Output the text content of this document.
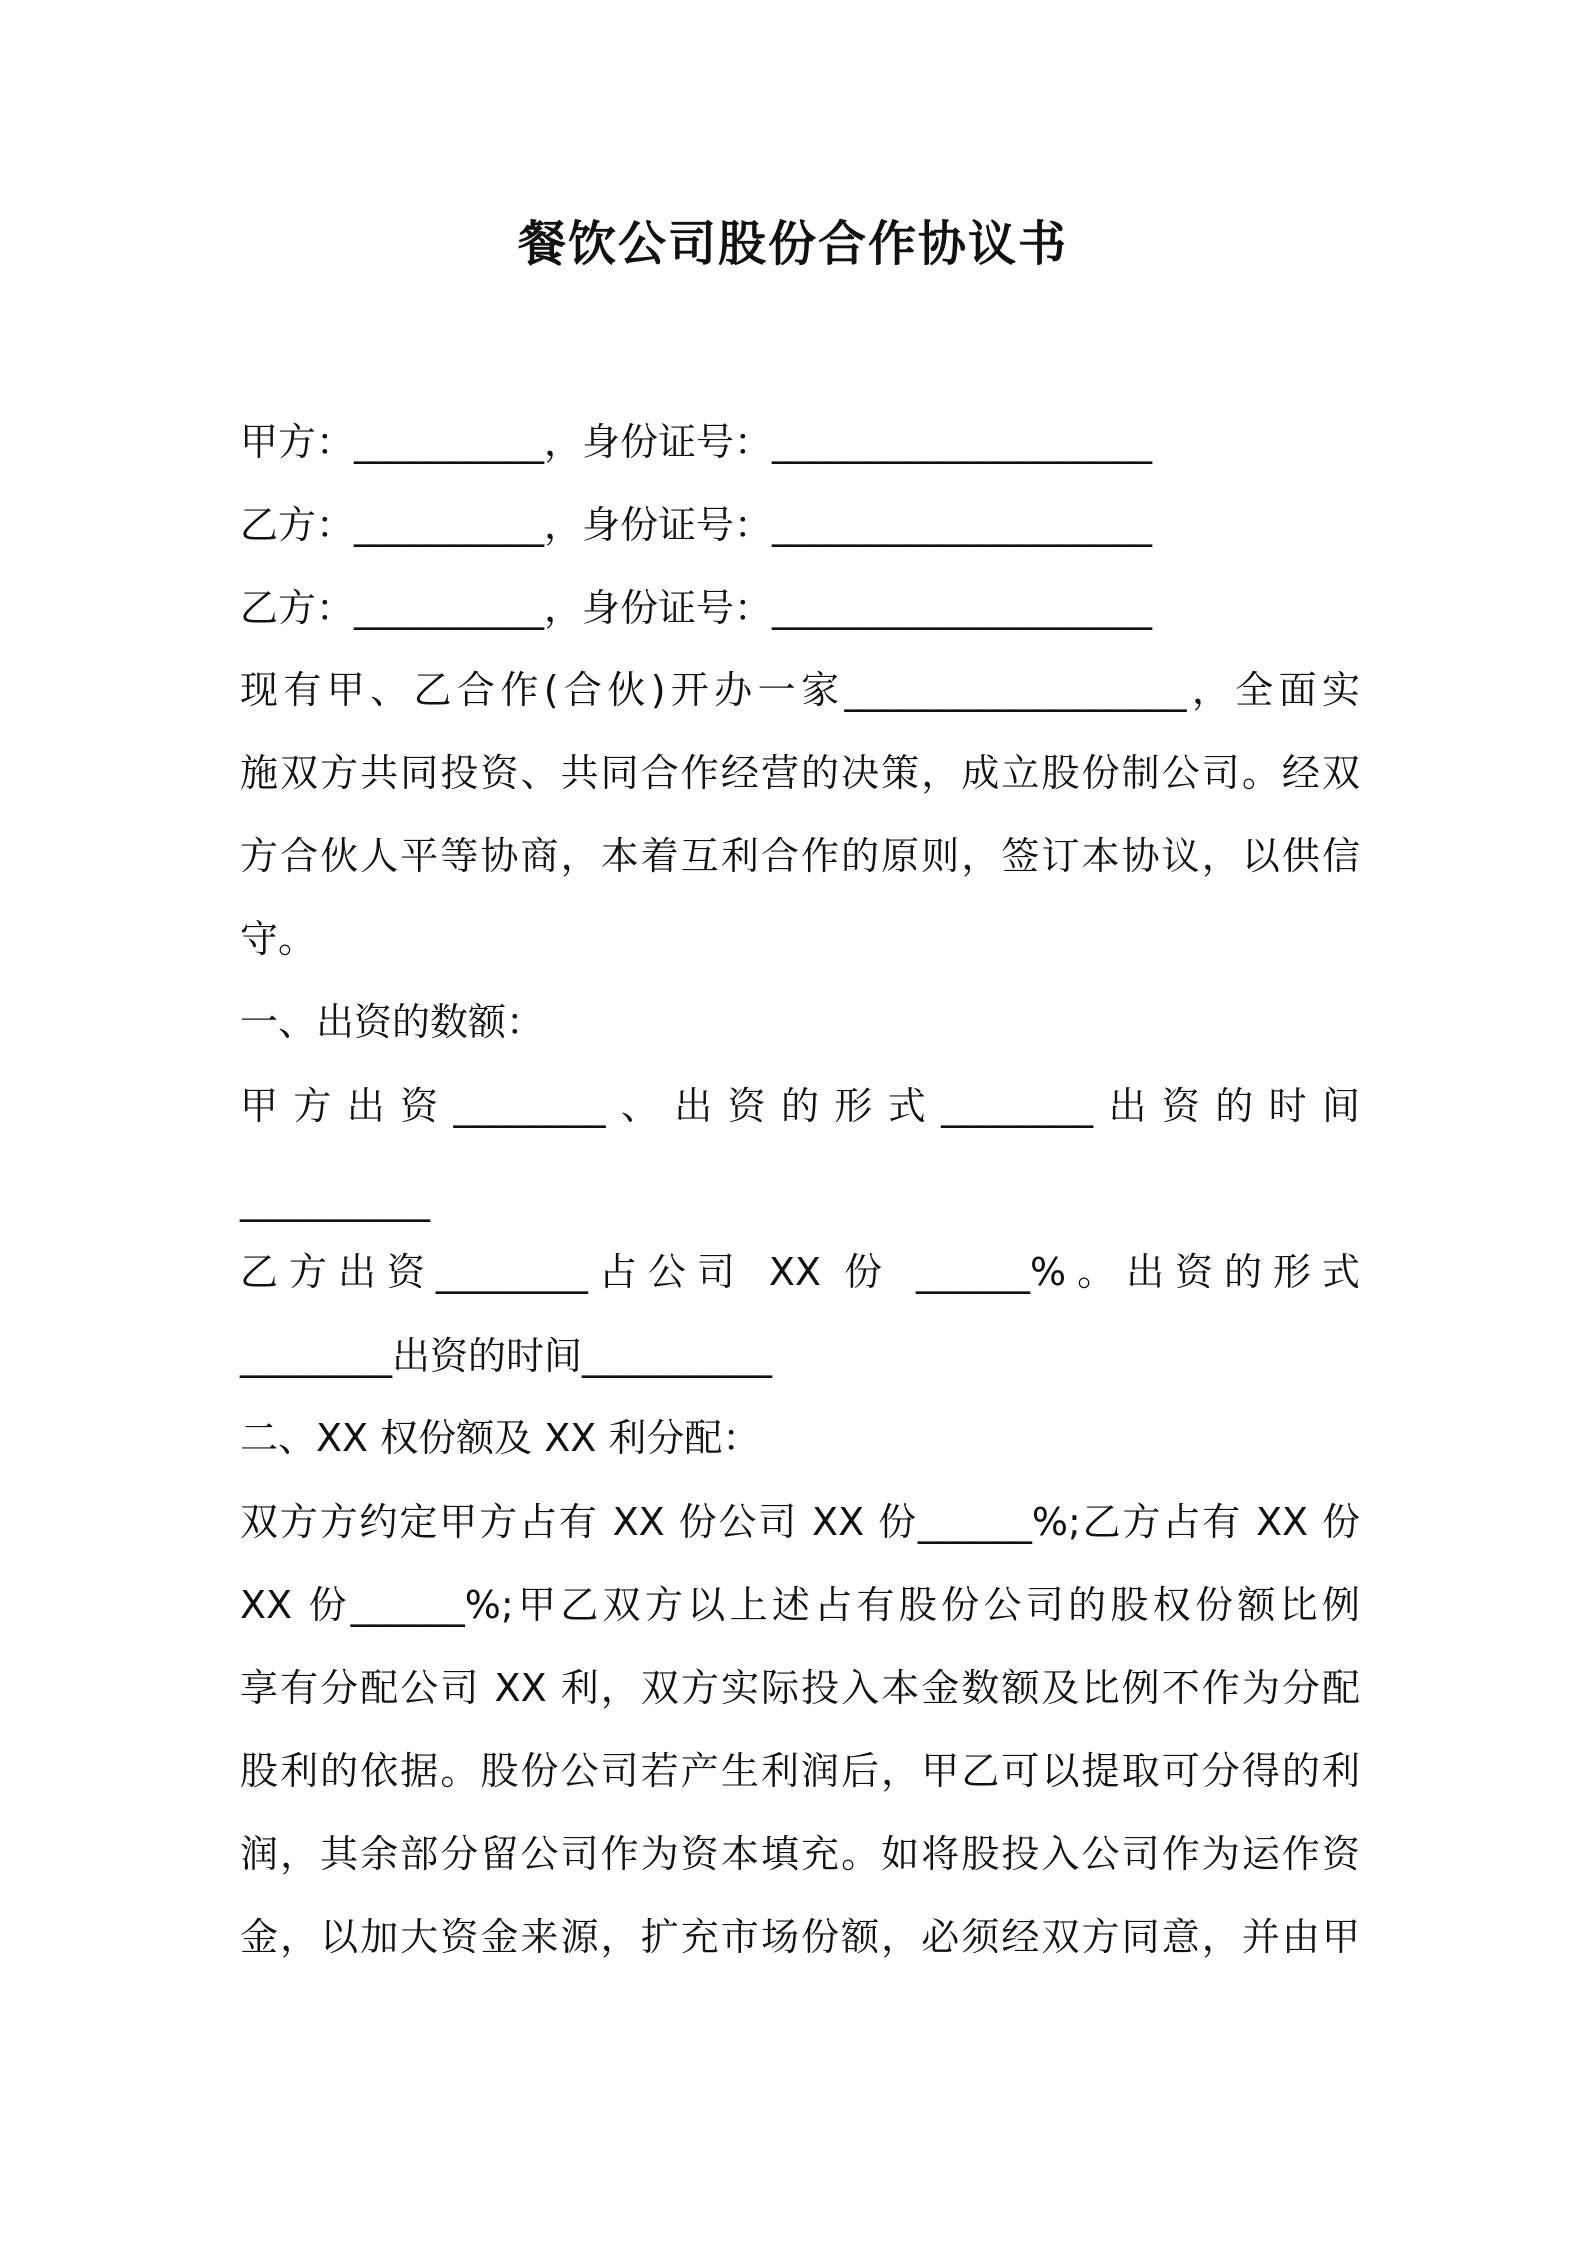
餐饮公司股份合作协议书
甲方：__________，身份证号：____________________
乙方：__________，身份证号：____________________
乙方：__________，身份证号：____________________
现有甲、乙合作(合伙)开办一家__________________，全面实
施双方共同投资、共同合作经营的决策，成立股份制公司。经双
方合伙人平等协商，本着互利合作的原则，签订本协议，以供信
守。
一、出资的数额：
甲方出资________、出资的形式________出资的时间
__________
乙方出资________占公司 XX 份 ______%。出资的形式
________出资的时间__________
二、XX 权份额及 XX 利分配：
双方方约定甲方占有 XX 份公司 XX 份______%;乙方占有 XX 份
XX 份______%;甲乙双方以上述占有股份公司的股权份额比例
享有分配公司 XX 利，双方实际投入本金数额及比例不作为分配
股利的依据。股份公司若产生利润后，甲乙可以提取可分得的利
润，其余部分留公司作为资本填充。如将股投入公司作为运作资
金，以加大资金来源，扩充市场份额，必须经双方同意，并由甲
